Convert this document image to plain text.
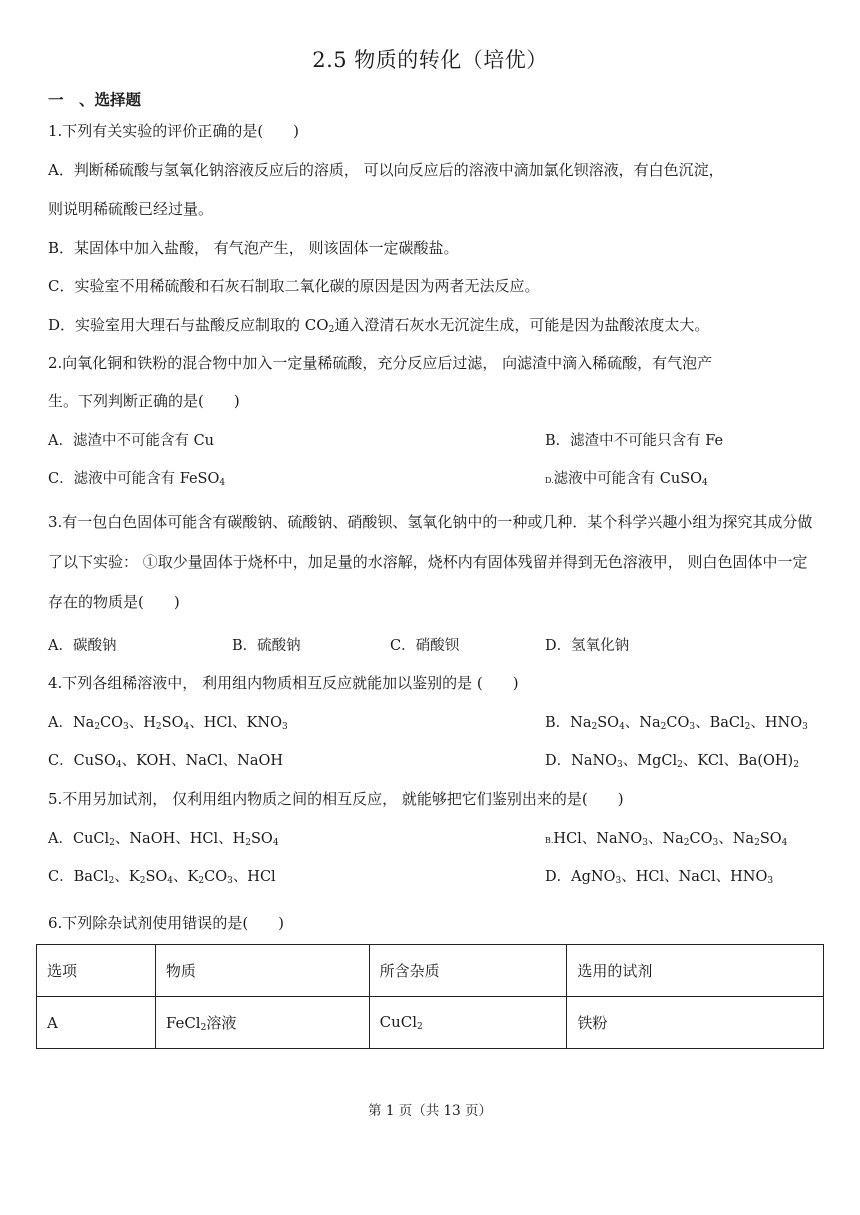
2.5 物质的转化（培优）
一　、选择题
1.下列有关实验的评价正确的是(　　)
A．判断稀硫酸与氢氧化钠溶液反应后的溶质， 可以向反应后的溶液中滴加氯化钡溶液，有白色沉淀，
则说明稀硫酸已经过量。
B．某固体中加入盐酸， 有气泡产生， 则该固体一定碳酸盐。
C．实验室不用稀硫酸和石灰石制取二氧化碳的原因是因为两者无法反应。
D．实验室用大理石与盐酸反应制取的 $CO_2$通入澄清石灰水无沉淀生成，可能是因为盐酸浓度太大。
2.向氧化铜和铁粉的混合物中加入一定量稀硫酸，充分反应后过滤， 向滤渣中滴入稀硫酸，有气泡产
生。下列判断正确的是(　　)
A．滤渣中不可能含有 Cu	B．滤渣中不可能只含有 Fe
C．滤液中可能含有 FeSO$_4$	D.滤液中可能含有 CuSO$_4$
3.有一包白色固体可能含有碳酸钠、硫酸钠、硝酸钡、氢氧化钠中的一种或几种．某个科学兴趣小组为探究其成分做了以下实验： ①取少量固体于烧杯中，加足量的水溶解，烧杯内有固体残留并得到无色溶液甲， 则白色固体中一定存在的物质是(　　)
A．碳酸钠	B．硫酸钠	C．硝酸钡	D．氢氧化钠
4.下列各组稀溶液中， 利用组内物质相互反应就能加以鉴别的是 (　　)
A．$Na_2CO_3$、$H_2SO_4$、HCl、$KNO_3$	B．$Na_2SO_4$、$Na_2CO_3$、BaCl$_2$、$HNO_3$
C．CuSO$_4$、KOH、NaCl、NaOH	D．NaNO$_3$、MgCl$_2$、KCl、$Ba(OH)_2$
5.不用另加试剂， 仅利用组内物质之间的相互反应， 就能够把它们鉴别出来的是(　　)
A．CuCl$_2$、NaOH、HCl、$H_2SO_4$	B.HCl、NaNO$_3$、$Na_2CO_3$、$Na_2SO_4$
C．BaCl$_2$、$K_2SO_4$、$K_2CO_3$、HCl	D．AgNO$_3$、HCl、NaCl、$HNO_3$
6.下列除杂试剂使用错误的是(　　)
选项	物质	所含杂质	选用的试剂
A	FeCl$_2$溶液	CuCl$_2$	铁粉
第 1 页（共 13 页）
